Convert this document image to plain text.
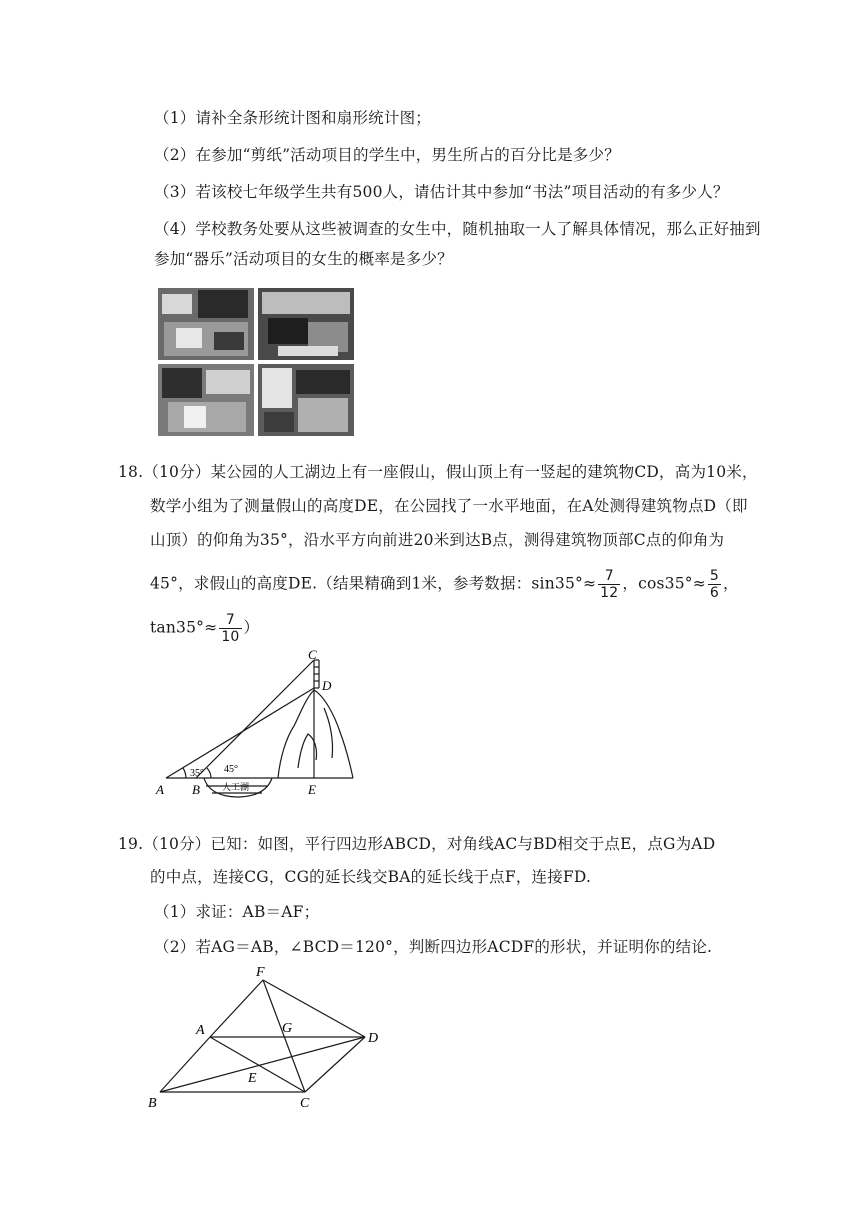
（1）请补全条形统计图和扇形统计图；
（2）在参加“剪纸”活动项目的学生中，男生所占的百分比是多少？
（3）若该校七年级学生共有500人，请估计其中参加“书法”项目活动的有多少人？
（4）学校教务处要从这些被调查的女生中，随机抽取一人了解具体情况，那么正好抽到
参加“器乐”活动项目的女生的概率是多少？
18.（10分）某公园的人工湖边上有一座假山，假山顶上有一竖起的建筑物CD，高为10米，
数学小组为了测量假山的高度DE，在公园找了一水平地面，在A处测得建筑物点D（即
山顶）的仰角为35°，沿水平方向前进20米到达B点，测得建筑物顶部C点的仰角为
45°，求假山的高度DE.（结果精确到1米，参考数据：$\sin 35^\circ\approx \frac{7}{12}$ ，$\cos 35^\circ\approx \frac{5}{6}$ ，
$\tan 35^\circ\approx \frac{7}{10}$ ）
A B	E
C
D
35° 45°
人工湖
19.（10分）已知：如图，平行四边形ABCD，对角线AC与BD相交于点E，点G为AD
的中点，连接CG，CG的延长线交BA的延长线于点F，连接FD.
（1）求证：AB＝AF；
（2）若AG＝AB，∠BCD＝120°，判断四边形ACDF的形状，并证明你的结论.
F
A	G
D
E
B	C
